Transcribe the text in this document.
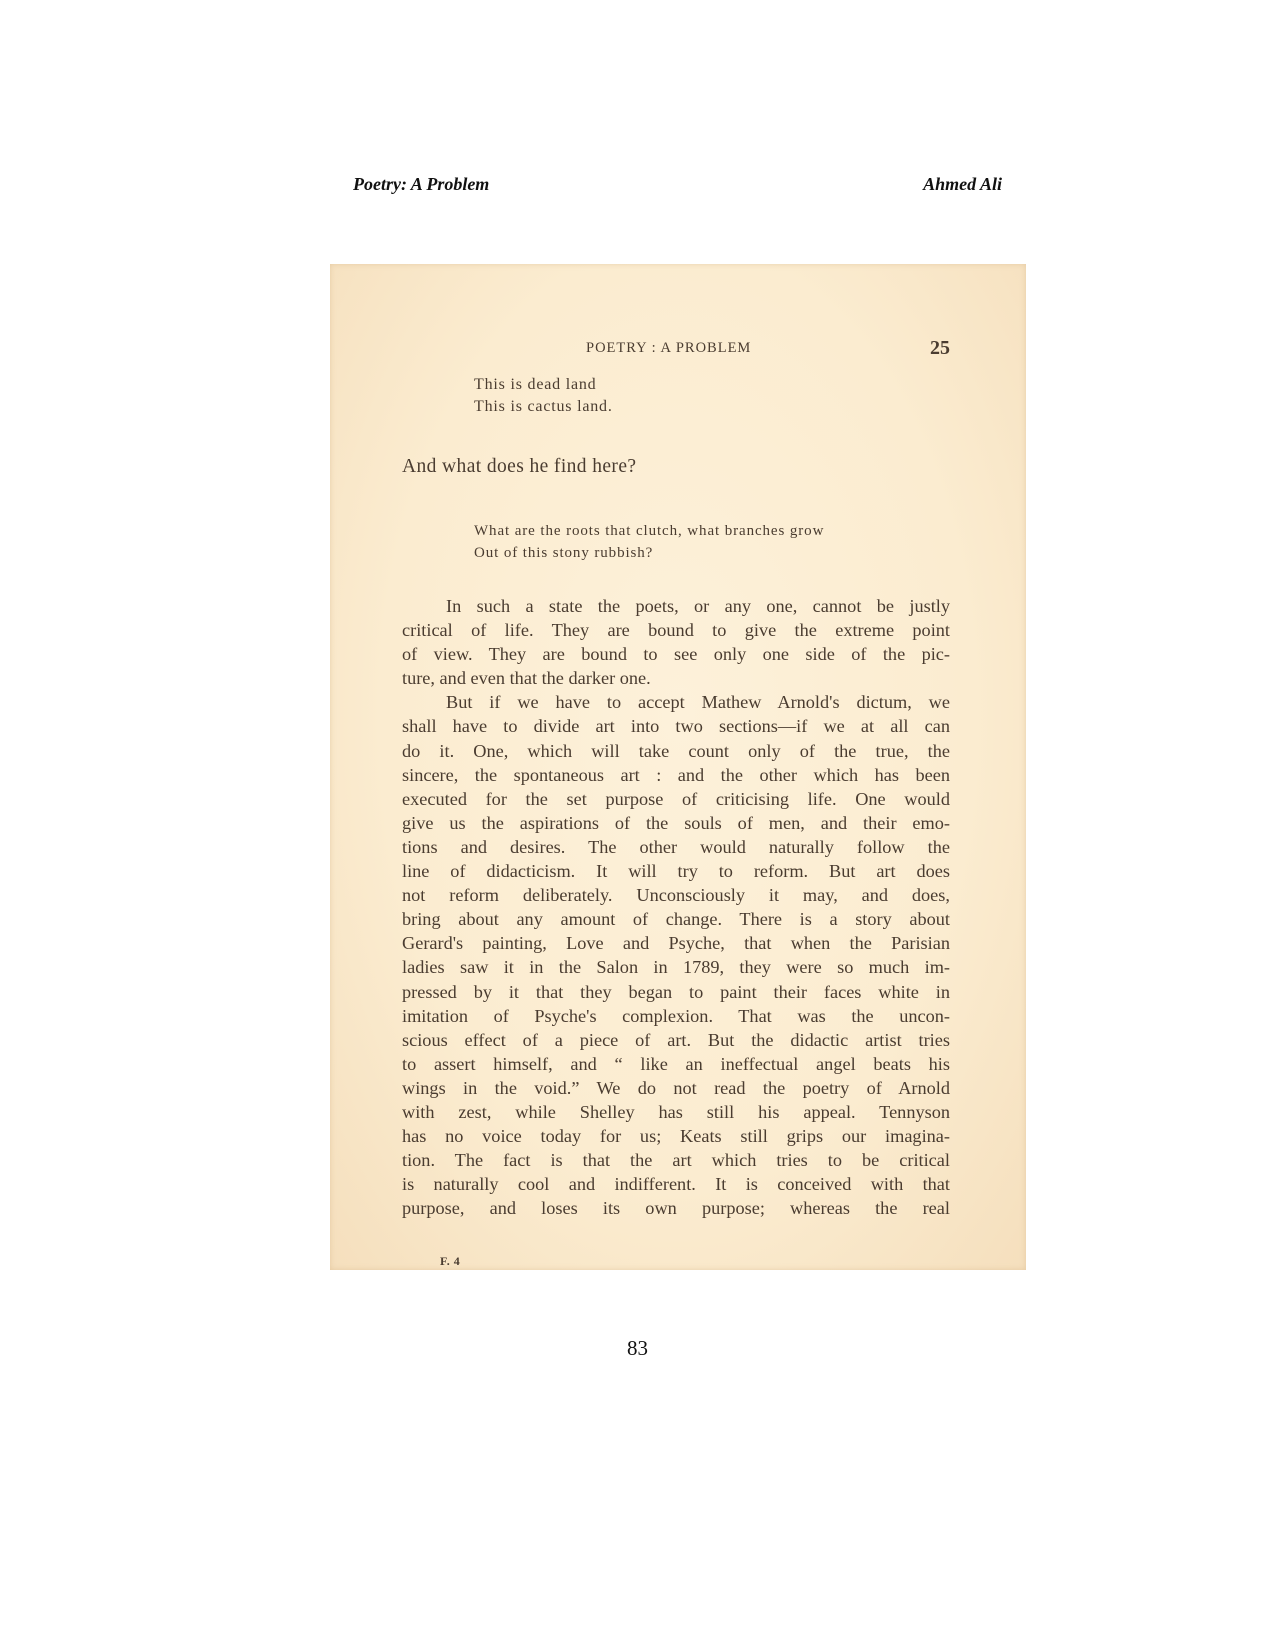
Poetry: A Problem	Ahmed Ali
POETRY : A PROBLEM	25
This is dead land
This is cactus land.
And what does he find here?
What are the roots that clutch, what branches grow
Out of this stony rubbish?
In such a state the poets, or any one, cannot be justly
critical of life. They are bound to give the extreme point
of view. They are bound to see only one side of the pic-
ture, and even that the darker one.
But if we have to accept Mathew Arnold's dictum, we
shall have to divide art into two sections—if we at all can
do it. One, which will take count only of the true, the
sincere, the spontaneous art : and the other which has been
executed for the set purpose of criticising life. One would
give us the aspirations of the souls of men, and their emo-
tions and desires. The other would naturally follow the
line of didacticism. It will try to reform. But art does
not reform deliberately. Unconsciously it may, and does,
bring about any amount of change. There is a story about
Gerard's painting, Love and Psyche, that when the Parisian
ladies saw it in the Salon in 1789, they were so much im-
pressed by it that they began to paint their faces white in
imitation of Psyche's complexion. That was the uncon-
scious effect of a piece of art. But the didactic artist tries
to assert himself, and “ like an ineffectual angel beats his
wings in the void.” We do not read the poetry of Arnold
with zest, while Shelley has still his appeal. Tennyson
has no voice today for us; Keats still grips our imagina-
tion. The fact is that the art which tries to be critical
is naturally cool and indifferent. It is conceived with that
purpose, and loses its own purpose; whereas the real
F. 4
83
